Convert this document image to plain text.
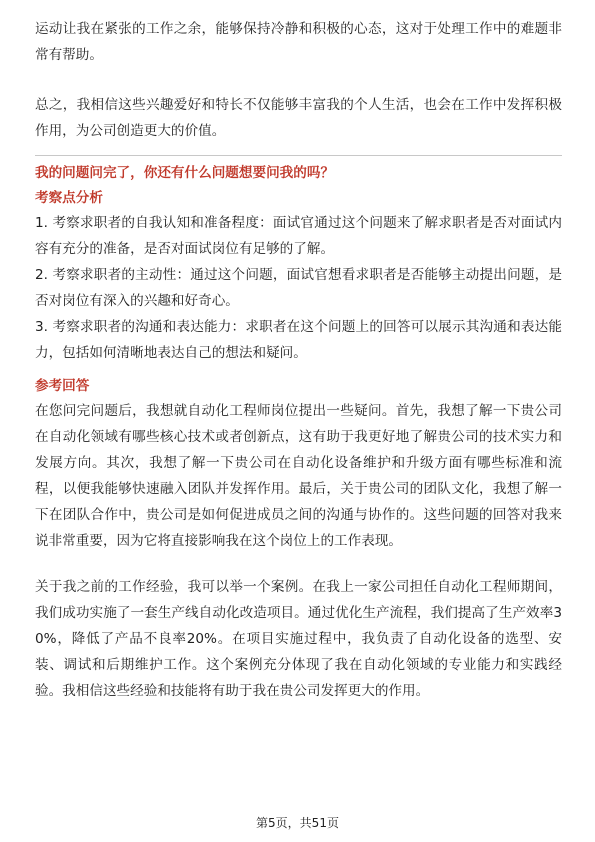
运动让我在紧张的工作之余，能够保持冷静和积极的心态，这对于处理工作中的难题非常有帮助。

总之，我相信这些兴趣爱好和特长不仅能够丰富我的个人生活，也会在工作中发挥积极作用，为公司创造更大的价值。

我的问题问完了，你还有什么问题想要问我的吗？
考察点分析

1. 考察求职者的自我认知和准备程度：面试官通过这个问题来了解求职者是否对面试内容有充分的准备，是否对面试岗位有足够的了解。

2. 考察求职者的主动性：通过这个问题，面试官想看求职者是否能够主动提出问题，是否对岗位有深入的兴趣和好奇心。

3. 考察求职者的沟通和表达能力：求职者在这个问题上的回答可以展示其沟通和表达能力，包括如何清晰地表达自己的想法和疑问。

参考回答

在您问完问题后，我想就自动化工程师岗位提出一些疑问。首先，我想了解一下贵公司在自动化领域有哪些核心技术或者创新点，这有助于我更好地了解贵公司的技术实力和发展方向。其次，我想了解一下贵公司在自动化设备维护和升级方面有哪些标准和流程，以便我能够快速融入团队并发挥作用。最后，关于贵公司的团队文化，我想了解一下在团队合作中，贵公司是如何促进成员之间的沟通与协作的。这些问题的回答对我来说非常重要，因为它将直接影响我在这个岗位上的工作表现。

关于我之前的工作经验，我可以举一个案例。在我上一家公司担任自动化工程师期间，我们成功实施了一套生产线自动化改造项目。通过优化生产流程，我们提高了生产效率30%，降低了产品不良率20%。在项目实施过程中，我负责了自动化设备的选型、安装、调试和后期维护工作。这个案例充分体现了我在自动化领域的专业能力和实践经验。我相信这些经验和技能将有助于我在贵公司发挥更大的作用。

第5页，共51页
